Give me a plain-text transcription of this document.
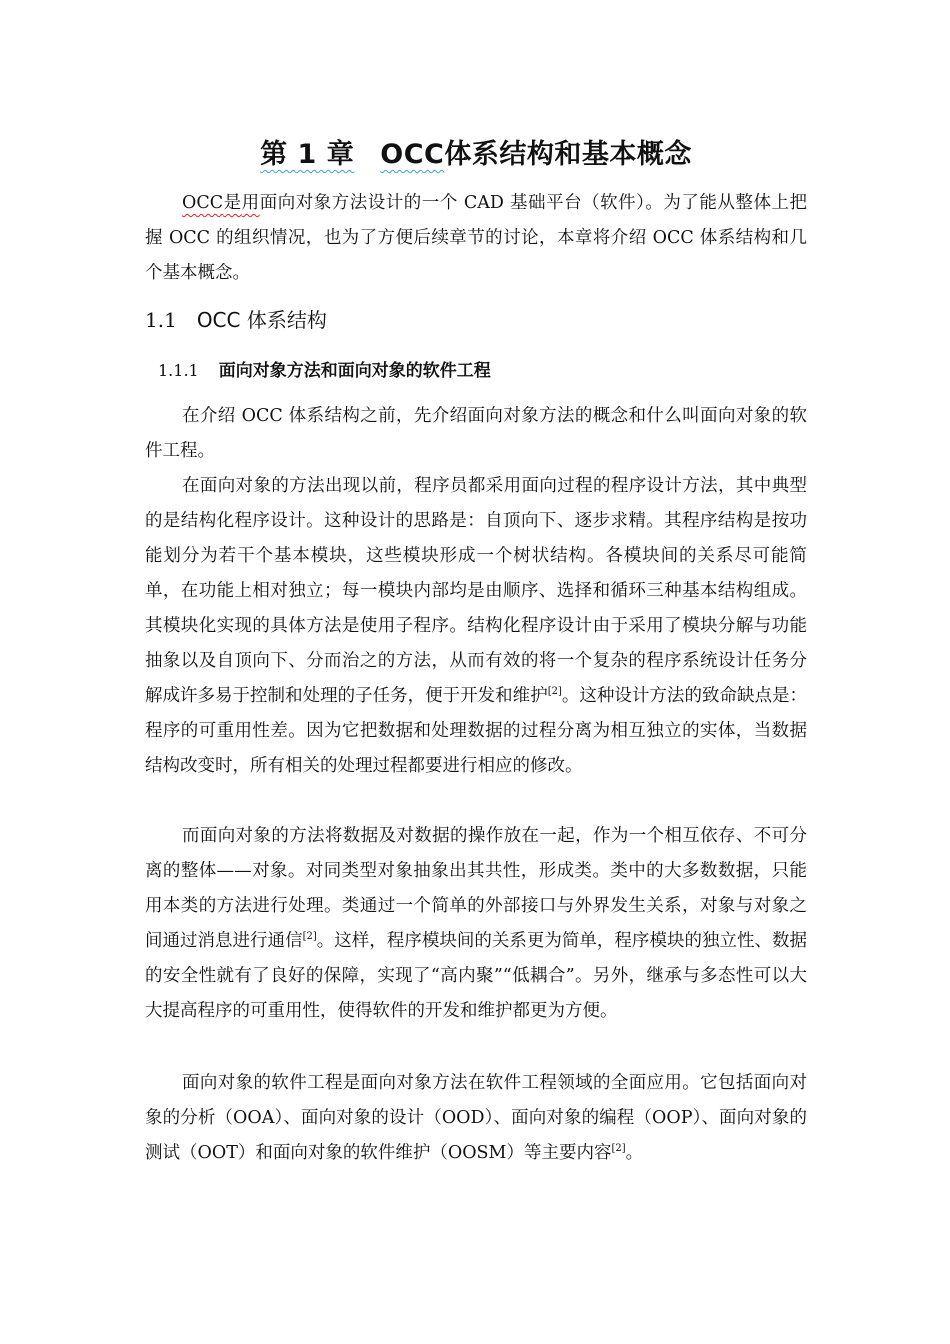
第 1 章 OCC体系结构和基本概念

OCC是用面向对象方法设计的一个 CAD 基础平台（软件）。为了能从整体上把握 OCC 的组织情况，也为了方便后续章节的讨论，本章将介绍 OCC 体系结构和几个基本概念。

1.1 OCC 体系结构
1.1.1 面向对象方法和面向对象的软件工程

在介绍 OCC 体系结构之前，先介绍面向对象方法的概念和什么叫面向对象的软件工程。

在面向对象的方法出现以前，程序员都采用面向过程的程序设计方法，其中典型的是结构化程序设计。这种设计的思路是：自顶向下、逐步求精。其程序结构是按功能划分为若干个基本模块，这些模块形成一个树状结构。各模块间的关系尽可能简单，在功能上相对独立；每一模块内部均是由顺序、选择和循环三种基本结构组成。其模块化实现的具体方法是使用子程序。结构化程序设计由于采用了模块分解与功能抽象以及自顶向下、分而治之的方法，从而有效的将一个复杂的程序系统设计任务分解成许多易于控制和处理的子任务，便于开发和维护[2]。这种设计方法的致命缺点是：程序的可重用性差。因为它把数据和处理数据的过程分离为相互独立的实体，当数据结构改变时，所有相关的处理过程都要进行相应的修改。

而面向对象的方法将数据及对数据的操作放在一起，作为一个相互依存、不可分离的整体——对象。对同类型对象抽象出其共性，形成类。类中的大多数数据，只能用本类的方法进行处理。类通过一个简单的外部接口与外界发生关系，对象与对象之间通过消息进行通信[2]。这样，程序模块间的关系更为简单，程序模块的独立性、数据的安全性就有了良好的保障，实现了“高内聚”“低耦合”。另外，继承与多态性可以大大提高程序的可重用性，使得软件的开发和维护都更为方便。

面向对象的软件工程是面向对象方法在软件工程领域的全面应用。它包括面向对象的分析（OOA）、面向对象的设计（OOD）、面向对象的编程（OOP）、面向对象的测试（OOT）和面向对象的软件维护（OOSM）等主要内容[2]。
